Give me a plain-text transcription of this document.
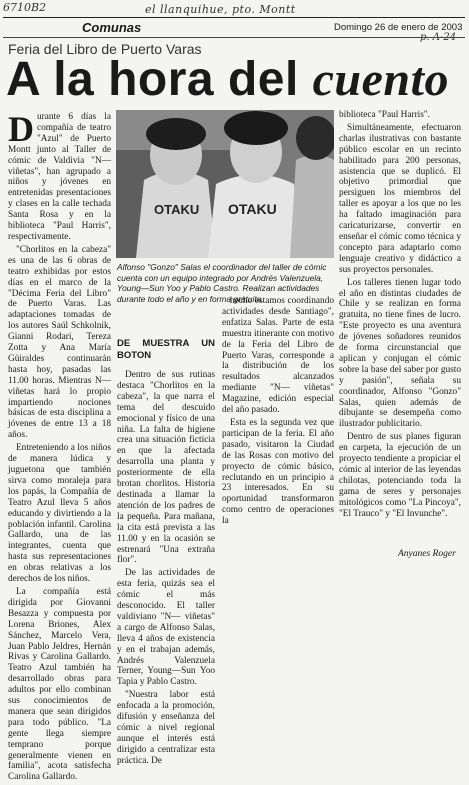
6710B2	el llanquihue, pto. Montt
p. A-24
Comunas	Domingo 26 de enero de 2003
Feria del Libro de Puerto Varas
A la hora del cuento

Durante 6 días la compañía de teatro "Azul" de Puerto Montt junto al Taller de cómic de Valdivia "N—viñetas", han agrupado a niños y jóvenes en entretenidas presentaciones y clases en la calle techada Santa Rosa y en la biblioteca "Paul Harris", respectivamente.

"Chorlitos en la cabeza" es una de las 6 obras de teatro exhibidas por estos días en el marco de la "Décima Feria del Libro" de Puerto Varas. Las adaptaciones tomadas de los autores Saúl Schkolnik, Gianni Rodari, Tereza Zotta y Ana María Güiraldes continuarán hasta hoy, pasadas las 11.00 horas. Mientras N—viñetas hará lo propio impartiendo nociones básicas de esta disciplina a jóvenes de entre 13 a 18 años.

Entreteniendo a los niños de manera lúdica y juguetona que también sirva como moraleja para los papás, la Compañía de Teatro Azul lleva 5 años educando y divirtiendo a la población infantil. Carolina Gallardo, una de las integrantes, cuenta que hasta sus representaciones en obras relativas a los derechos de los niños.

La compañía está dirigida por Giovanni Besazza y compuesta por Lorena Briones, Alex Sánchez, Marcelo Vera, Juan Pablo Jeldres, Hernán Rivas y Carolina Gallardo. Teatro Azul también ha desarrollado obras para adultos por ello combinan sus conocimientos de manera que sean dirigidos para todo público. "La gente llega siempre temprano porque generalmente vienen en familia", acota satisfecha Carolina Gallardo.

OTAKU OTAKU
Alfonso "Gonzo" Salas el coordinador del taller de cómic cuenta con un equipo integrado por Andrés Valenzuela, Young—Sun Yoo y Pablo Castro. Realizan actividades durante todo el año y en forma gratuita.
DE MUESTRA UN BOTON

Dentro de sus rutinas destaca "Chorlitos en la cabeza", la que narra el tema del descuido emocional y físico de una niña. La falta de higiene crea una situación ficticia en que la afectada desarrolla una planta y posteriormente de ella brotan chorlitos. Historia destinada a llamar la atención de los padres de la pequeña. Para mañana, la cita está prevista a las 11.00 y en la ocasión se estrenará "Una extraña flor".

De las actividades de esta feria, quizás sea el cómic el más desconocido. El taller valdiviano "N— viñetas" a cargo de Alfonso Salas, lleva 4 años de existencia y en el trabajan además, Andrés Valenzuela Terner, Young—Sun Yoo Tapia y Pablo Castro.

"Nuestra labor está enfocada a la promoción, difusión y enseñanza del cómic a nivel regional aunque el interés está dirigido a centralizar esta práctica. De

hecho estamos coordinando actividades desde Santiago", enfatiza Salas. Parte de esta muestra itinerante con motivo de la Feria del Libro de Puerto Varas, corresponde a la distribución de los resultados alcanzados mediante "N— viñetas" Magazine, edición especial del año pasado.

Esta es la segunda vez que participan de la feria. El año pasado, visitaron la Ciudad de las Rosas con motivo del proyecto de cómic básico, reclutando en un principio a 23 interesados. En su oportunidad transformaron como centro de operaciones la

biblioteca "Paul Harris".

Simultáneamente, efectuaron charlas ilustrativas con bastante público escolar en un recinto habilitado para 200 personas, asistencia que se duplicó. El objetivo primordial que persiguen los miembros del taller es apoyar a los que no les ha faltado imaginación para caricaturizarse, convertir en enseñar el cómic como técnica y concepto para adaptarlo como lenguaje creativo y didáctico a sus proyectos personales.

Los talleres tienen lugar todo el año en distintas ciudades de Chile y se realizan en forma gratuita, no tiene fines de lucro. "Este proyecto es una aventura de jóvenes soñadores reunidos de forma circunstancial que aplican y conjugan el cómic sobre la base del saber por gusto y pasión", señala su coordinador, Alfonso "Gonzo" Salas, quien además de dibujante se desempeña como ilustrador publicitario.

Dentro de sus planes figuran en carpeta, la ejecución de un proyecto tendiente a propiciar el cómic al interior de las leyendas chilotas, potenciando toda la gama de seres y personajes mitológicos como "La Pincoya", "El Trauco" y "El Invunche".

Anyanes Roger
